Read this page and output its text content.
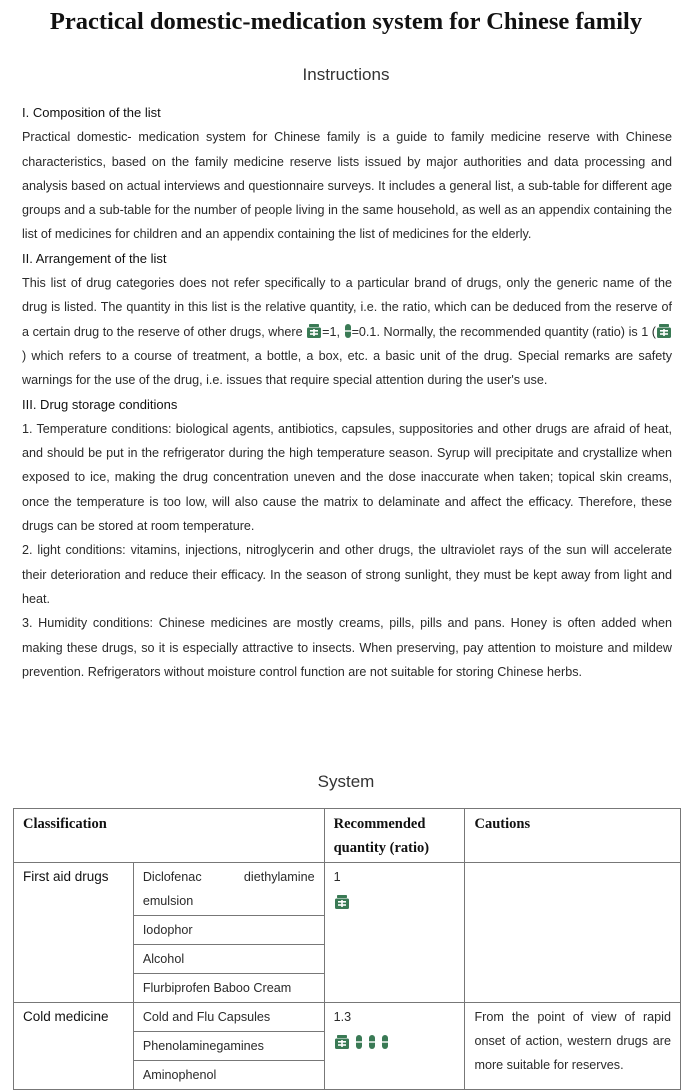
Practical domestic-medication system for Chinese family
Instructions
I. Composition of the list

Practical domestic- medication system for Chinese family is a guide to family medicine reserve with Chinese characteristics, based on the family medicine reserve lists issued by major authorities and data processing and analysis based on actual interviews and questionnaire surveys. It includes a general list, a sub-table for different age groups and a sub-table for the number of people living in the same household, as well as an appendix containing the list of medicines for children and an appendix containing the list of medicines for the elderly.

II. Arrangement of the list

This list of drug categories does not refer specifically to a particular brand of drugs, only the generic name of the drug is listed. The quantity in this list is the relative quantity, i.e. the ratio, which can be deduced from the reserve of a certain drug to the reserve of other drugs, where =1, =0.1. Normally, the recommended quantity (ratio) is 1 () which refers to a course of treatment, a bottle, a box, etc. a basic unit of the drug. Special remarks are safety warnings for the use of the drug, i.e. issues that require special attention during the user's use.

III. Drug storage conditions

1. Temperature conditions: biological agents, antibiotics, capsules, suppositories and other drugs are afraid of heat, and should be put in the refrigerator during the high temperature season. Syrup will precipitate and crystallize when exposed to ice, making the drug concentration uneven and the dose inaccurate when taken; topical skin creams, once the temperature is too low, will also cause the matrix to delaminate and affect the efficacy. Therefore, these drugs can be stored at room temperature.

2. light conditions: vitamins, injections, nitroglycerin and other drugs, the ultraviolet rays of the sun will accelerate their deterioration and reduce their efficacy. In the season of strong sunlight, they must be kept away from light and heat.

3. Humidity conditions: Chinese medicines are mostly creams, pills, pills and pans. Honey is often added when making these drugs, so it is especially attractive to insects. When preserving, pay attention to moisture and mildew prevention. Refrigerators without moisture control function are not suitable for storing Chinese herbs.

System
Classification		Recommended quantity (ratio)	Cautions
First aid drugs	Diclofenac diethylamine emulsion	1	

	Iodophor		
	Alcohol		
	Flurbiprofen Baboo Cream		
Cold medicine	Cold and Flu Capsules	1.3	From the point of view of rapid onset of action, western drugs are more suitable for reserves.
	Phenolaminegamines		
	Aminophenol		
